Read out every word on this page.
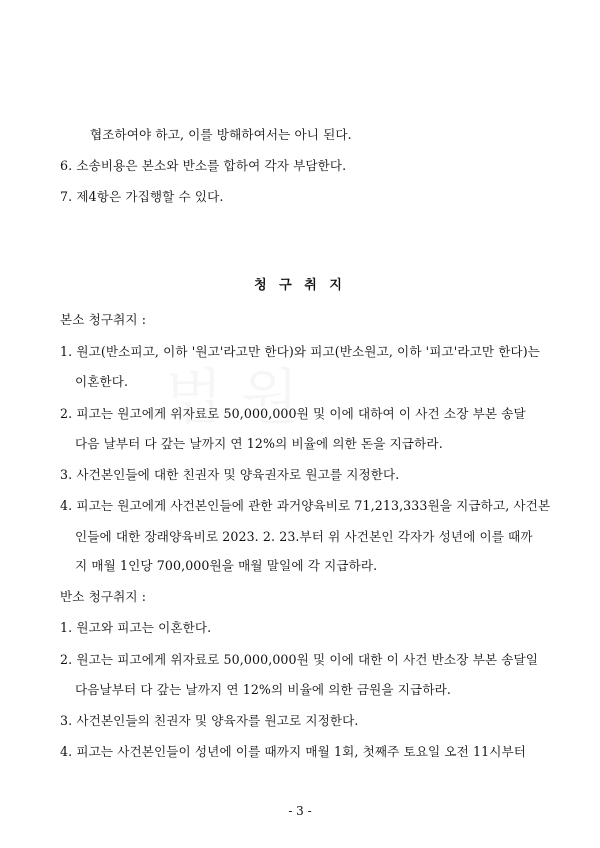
협조하여야 하고, 이를 방해하여서는 아니 된다.
6. 소송비용은 본소와 반소를 합하여 각자 부담한다.
7. 제4항은 가집행할 수 있다.
청 구 취 지
본소 청구취지 :
1. 원고(반소피고, 이하 '원고'라고만 한다)와 피고(반소원고, 이하 '피고'라고만 한다)는
이혼한다.
2. 피고는 원고에게 위자료로 50,000,000원 및 이에 대하여 이 사건 소장 부본 송달
다음 날부터 다 갚는 날까지 연 12%의 비율에 의한 돈을 지급하라.
3. 사건본인들에 대한 친권자 및 양육권자로 원고를 지정한다.
4. 피고는 원고에게 사건본인들에 관한 과거양육비로 71,213,333원을 지급하고, 사건본
인들에 대한 장래양육비로 2023. 2. 23.부터 위 사건본인 각자가 성년에 이를 때까
지 매월 1인당 700,000원을 매월 말일에 각 지급하라.
반소 청구취지 :
1. 원고와 피고는 이혼한다.
2. 원고는 피고에게 위자료로 50,000,000원 및 이에 대한 이 사건 반소장 부본 송달일
다음날부터 다 갚는 날까지 연 12%의 비율에 의한 금원을 지급하라.
3. 사건본인들의 친권자 및 양육자를 원고로 지정한다.
4. 피고는 사건본인들이 성년에 이를 때까지 매월 1회, 첫째주 토요일 오전 11시부터
- 3 -
